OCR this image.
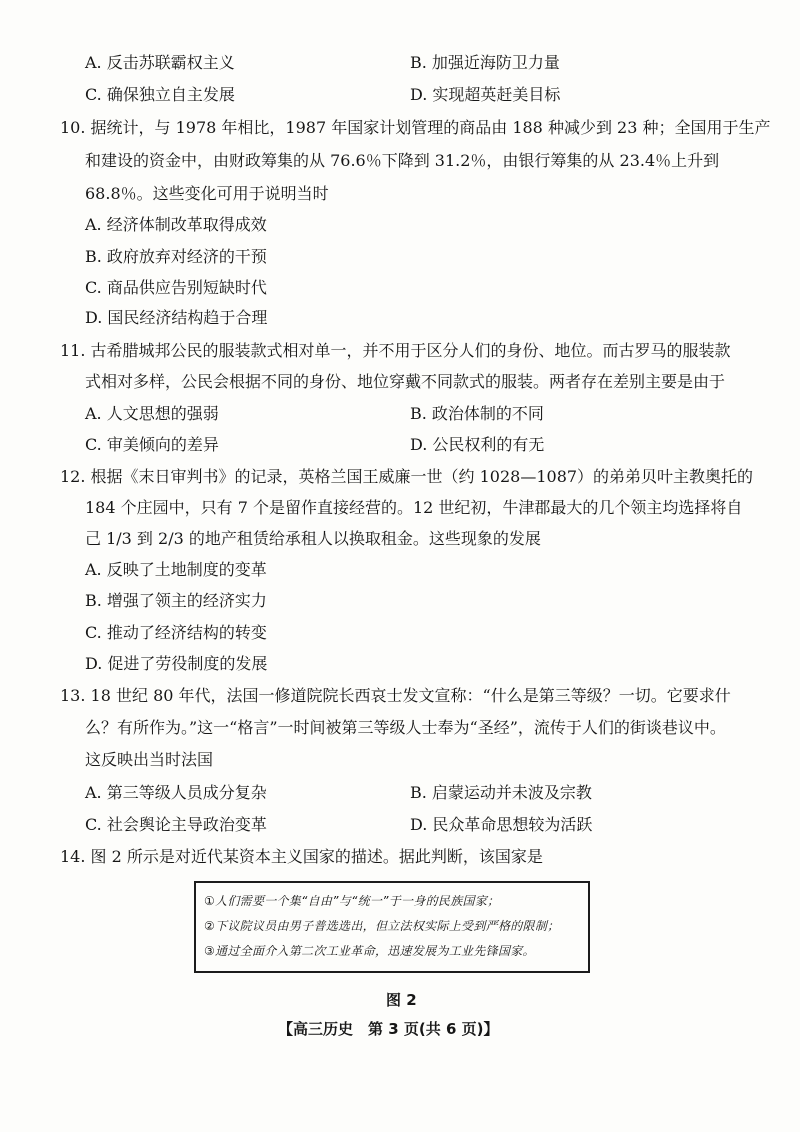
A. 反击苏联霸权主义	B. 加强近海防卫力量
C. 确保独立自主发展	D. 实现超英赶美目标
10. 据统计，与 1978 年相比，1987 年国家计划管理的商品由 188 种减少到 23 种；全国用于生产
和建设的资金中，由财政筹集的从 76.6％下降到 31.2％，由银行筹集的从 23.4％上升到
68.8％。这些变化可用于说明当时
A. 经济体制改革取得成效
B. 政府放弃对经济的干预
C. 商品供应告别短缺时代
D. 国民经济结构趋于合理
11. 古希腊城邦公民的服装款式相对单一，并不用于区分人们的身份、地位。而古罗马的服装款
式相对多样，公民会根据不同的身份、地位穿戴不同款式的服装。两者存在差别主要是由于
A. 人文思想的强弱	B. 政治体制的不同
C. 审美倾向的差异	D. 公民权利的有无
12. 根据《末日审判书》的记录，英格兰国王威廉一世（约 1028—1087）的弟弟贝叶主教奥托的
184 个庄园中，只有 7 个是留作直接经营的。12 世纪初，牛津郡最大的几个领主均选择将自
己 1/3 到 2/3 的地产租赁给承租人以换取租金。这些现象的发展
A. 反映了土地制度的变革
B. 增强了领主的经济实力
C. 推动了经济结构的转变
D. 促进了劳役制度的发展
13. 18 世纪 80 年代，法国一修道院院长西哀士发文宣称：“什么是第三等级？一切。它要求什
么？有所作为。”这一“格言”一时间被第三等级人士奉为“圣经”，流传于人们的街谈巷议中。
这反映出当时法国
A. 第三等级人员成分复杂	B. 启蒙运动并未波及宗教
C. 社会舆论主导政治变革	D. 民众革命思想较为活跃
14. 图 2 所示是对近代某资本主义国家的描述。据此判断，该国家是
①人们需要一个集“自由”与“统一”于一身的民族国家；
②下议院议员由男子普选选出，但立法权实际上受到严格的限制；
③通过全面介入第二次工业革命，迅速发展为工业先锋国家。
图 2
【高三历史　第 3 页(共 6 页)】
